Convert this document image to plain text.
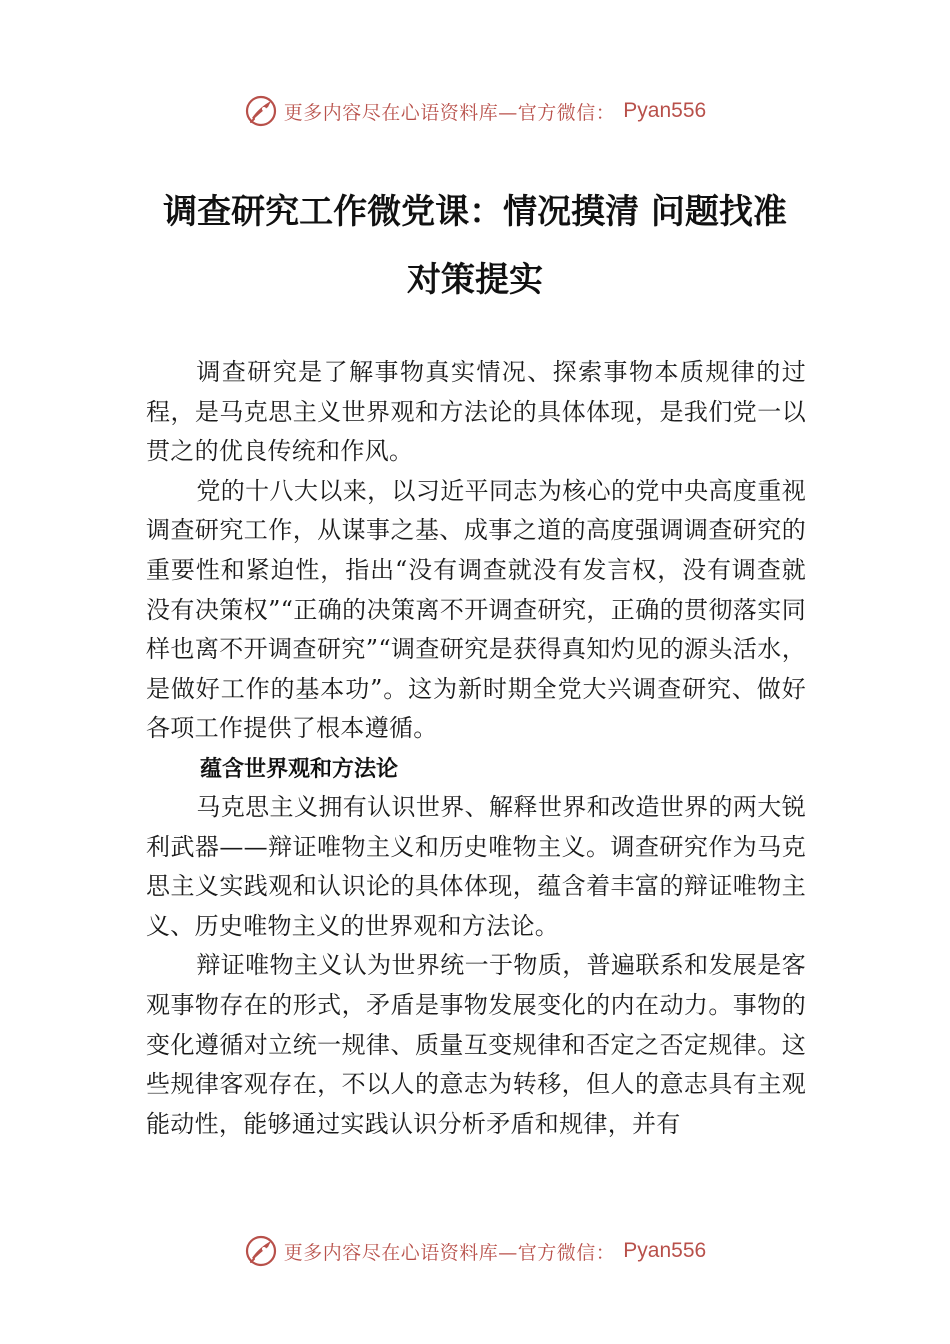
更多内容尽在心语资料库—官方微信： Pyan556
调查研究工作微党课：情况摸清 问题找准
对策提实

调查研究是了解事物真实情况、探索事物本质规律的过程，是马克思主义世界观和方法论的具体体现，是我们党一以贯之的优良传统和作风。

党的十八大以来，以习近平同志为核心的党中央高度重视调查研究工作，从谋事之基、成事之道的高度强调调查研究的重要性和紧迫性，指出“没有调查就没有发言权，没有调查就没有决策权”“正确的决策离不开调查研究，正确的贯彻落实同样也离不开调查研究”“调查研究是获得真知灼见的源头活水，是做好工作的基本功”。这为新时期全党大兴调查研究、做好各项工作提供了根本遵循。

蕴含世界观和方法论

马克思主义拥有认识世界、解释世界和改造世界的两大锐利武器——辩证唯物主义和历史唯物主义。调查研究作为马克思主义实践观和认识论的具体体现，蕴含着丰富的辩证唯物主义、历史唯物主义的世界观和方法论。

辩证唯物主义认为世界统一于物质，普遍联系和发展是客观事物存在的形式，矛盾是事物发展变化的内在动力。事物的变化遵循对立统一规律、质量互变规律和否定之否定规律。这些规律客观存在，不以人的意志为转移，但人的意志具有主观能动性，能够通过实践认识分析矛盾和规律，并有

更多内容尽在心语资料库—官方微信： Pyan556
